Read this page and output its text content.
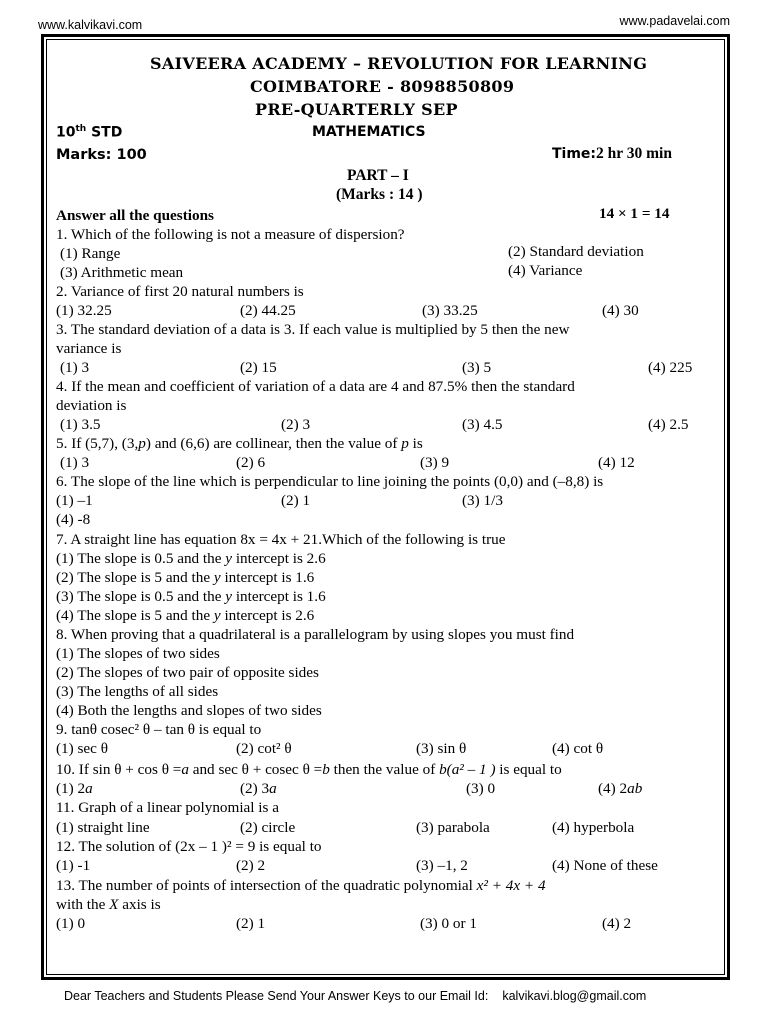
www.kalvikavi.com	www.padavelai.com
SAIVEERA ACADEMY – REVOLUTION FOR LEARNING
COIMBATORE - 8098850809
PRE-QUARTERLY SEP
10th STD	MATHEMATICS
Marks: 100	Time:2 hr 30 min
PART – I
(Marks : 14 )
Answer all the questions	14 × 1 = 14
1. Which of the following is not a measure of dispersion?
(1) Range	(2) Standard deviation
(3) Arithmetic mean	(4) Variance
2. Variance of first 20 natural numbers is
(1) 32.25	(2) 44.25	(3) 33.25	(4) 30
3. The standard deviation of a data is 3. If each value is multiplied by 5 then the new
variance is
(1) 3	(2) 15	(3) 5	(4) 225
4. If the mean and coefficient of variation of a data are 4 and 87.5% then the standard
deviation is
(1) 3.5	(2) 3	(3) 4.5	(4) 2.5
5. If (5,7), (3,p) and (6,6) are collinear, then the value of p is
(1) 3	(2) 6	(3) 9	(4) 12
6. The slope of the line which is perpendicular to line joining the points (0,0) and (–8,8) is
(1) –1	(2) 1	(3) 1/3
(4) -8
7. A straight line has equation 8x = 4x + 21.Which of the following is true
(1) The slope is 0.5 and the y intercept is 2.6
(2) The slope is 5 and the y intercept is 1.6
(3) The slope is 0.5 and the y intercept is 1.6
(4) The slope is 5 and the y intercept is 2.6
8. When proving that a quadrilateral is a parallelogram by using slopes you must find
(1) The slopes of two sides
(2) The slopes of two pair of opposite sides
(3) The lengths of all sides
(4) Both the lengths and slopes of two sides
9. tanθ cosec² θ – tan θ is equal to
(1) sec θ	(2) cot² θ	(3) sin θ	(4) cot θ
10. If sin θ + cos θ =a and sec θ + cosec θ =b then the value of b(a² – 1 ) is equal to
(1) 2a	(2) 3a	(3) 0	(4) 2ab
11. Graph of a linear polynomial is a
(1) straight line	(2) circle	(3) parabola	(4) hyperbola
12. The solution of (2x – 1 )² = 9 is equal to
(1) -1	(2) 2	(3) –1, 2	(4) None of these
13. The number of points of intersection of the quadratic polynomial x² + 4x + 4
with the X axis is
(1) 0	(2) 1	(3) 0 or 1	(4) 2
Dear Teachers and Students Please Send Your Answer Keys to our Email Id: kalvikavi.blog@gmail.com
